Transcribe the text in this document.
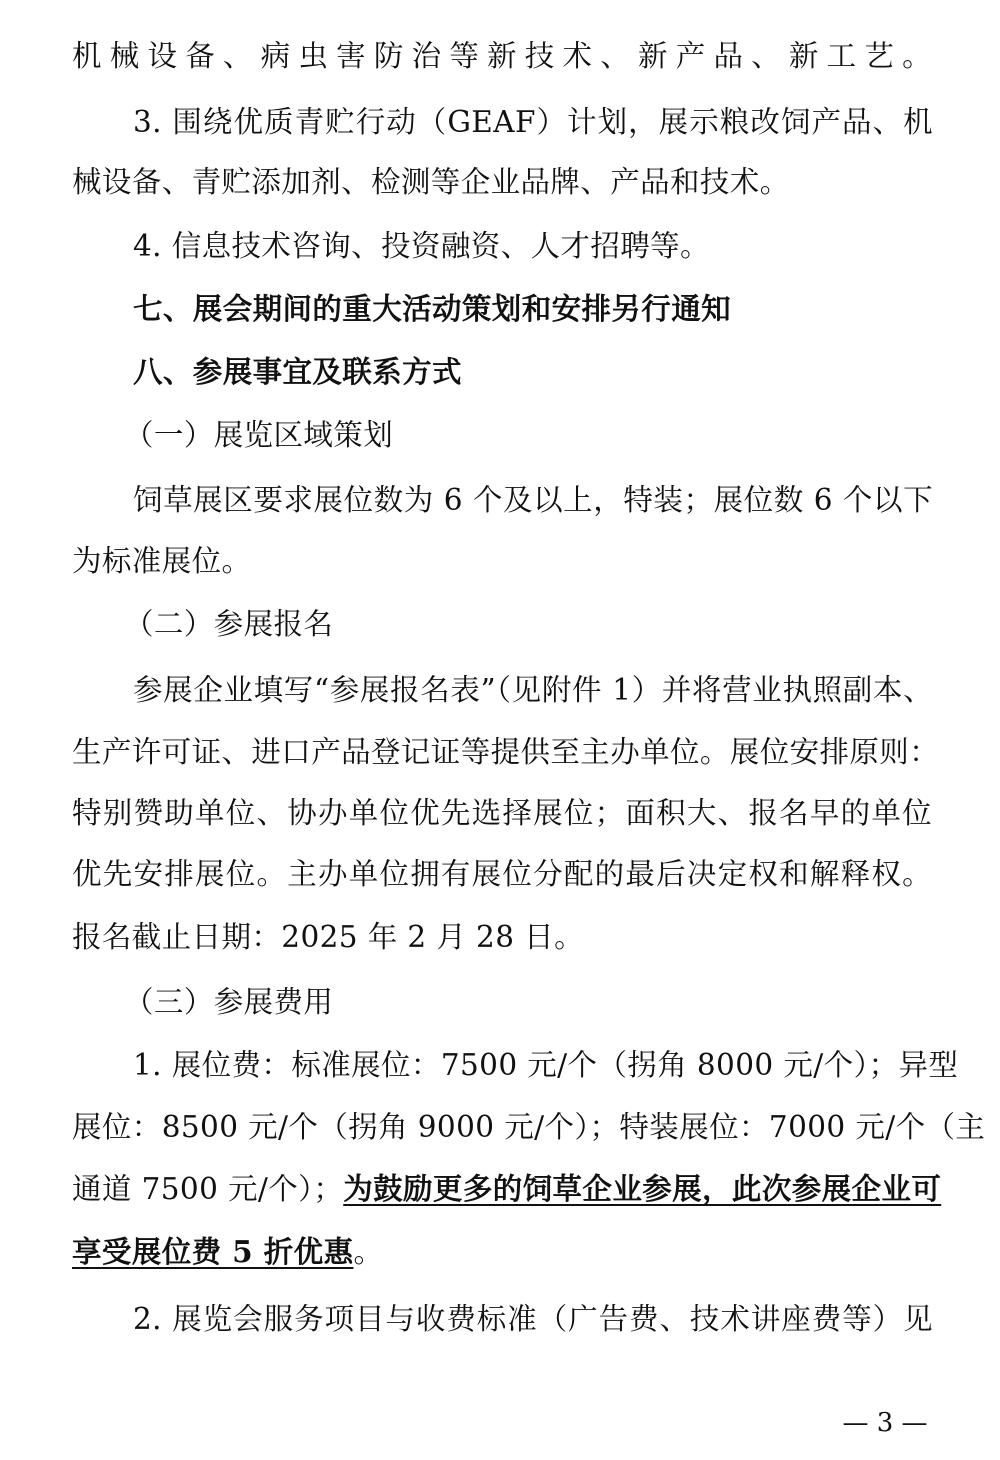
机械设备、病虫害防治等新技术、新产品、新工艺。
3. 围绕优质青贮行动（GEAF）计划，展示粮改饲产品、机
械设备、青贮添加剂、检测等企业品牌、产品和技术。
4. 信息技术咨询、投资融资、人才招聘等。
七、展会期间的重大活动策划和安排另行通知
八、参展事宜及联系方式
（一）展览区域策划
饲草展区要求展位数为 6 个及以上，特装；展位数 6 个以下
为标准展位。
（二）参展报名
参展企业填写“参展报名表”（见附件 1）并将营业执照副本、
生产许可证、进口产品登记证等提供至主办单位。展位安排原则：
特别赞助单位、协办单位优先选择展位；面积大、报名早的单位
优先安排展位。主办单位拥有展位分配的最后决定权和解释权。
报名截止日期：2025 年 2 月 28 日。
（三）参展费用
1. 展位费：标准展位：7500 元/个（拐角 8000 元/个）；异型
展位：8500 元/个（拐角 9000 元/个）；特装展位：7000 元/个（主
通道 7500 元/个）；为鼓励更多的饲草企业参展，此次参展企业可
享受展位费 5 折优惠。
2. 展览会服务项目与收费标准（广告费、技术讲座费等）见
— 3 —
